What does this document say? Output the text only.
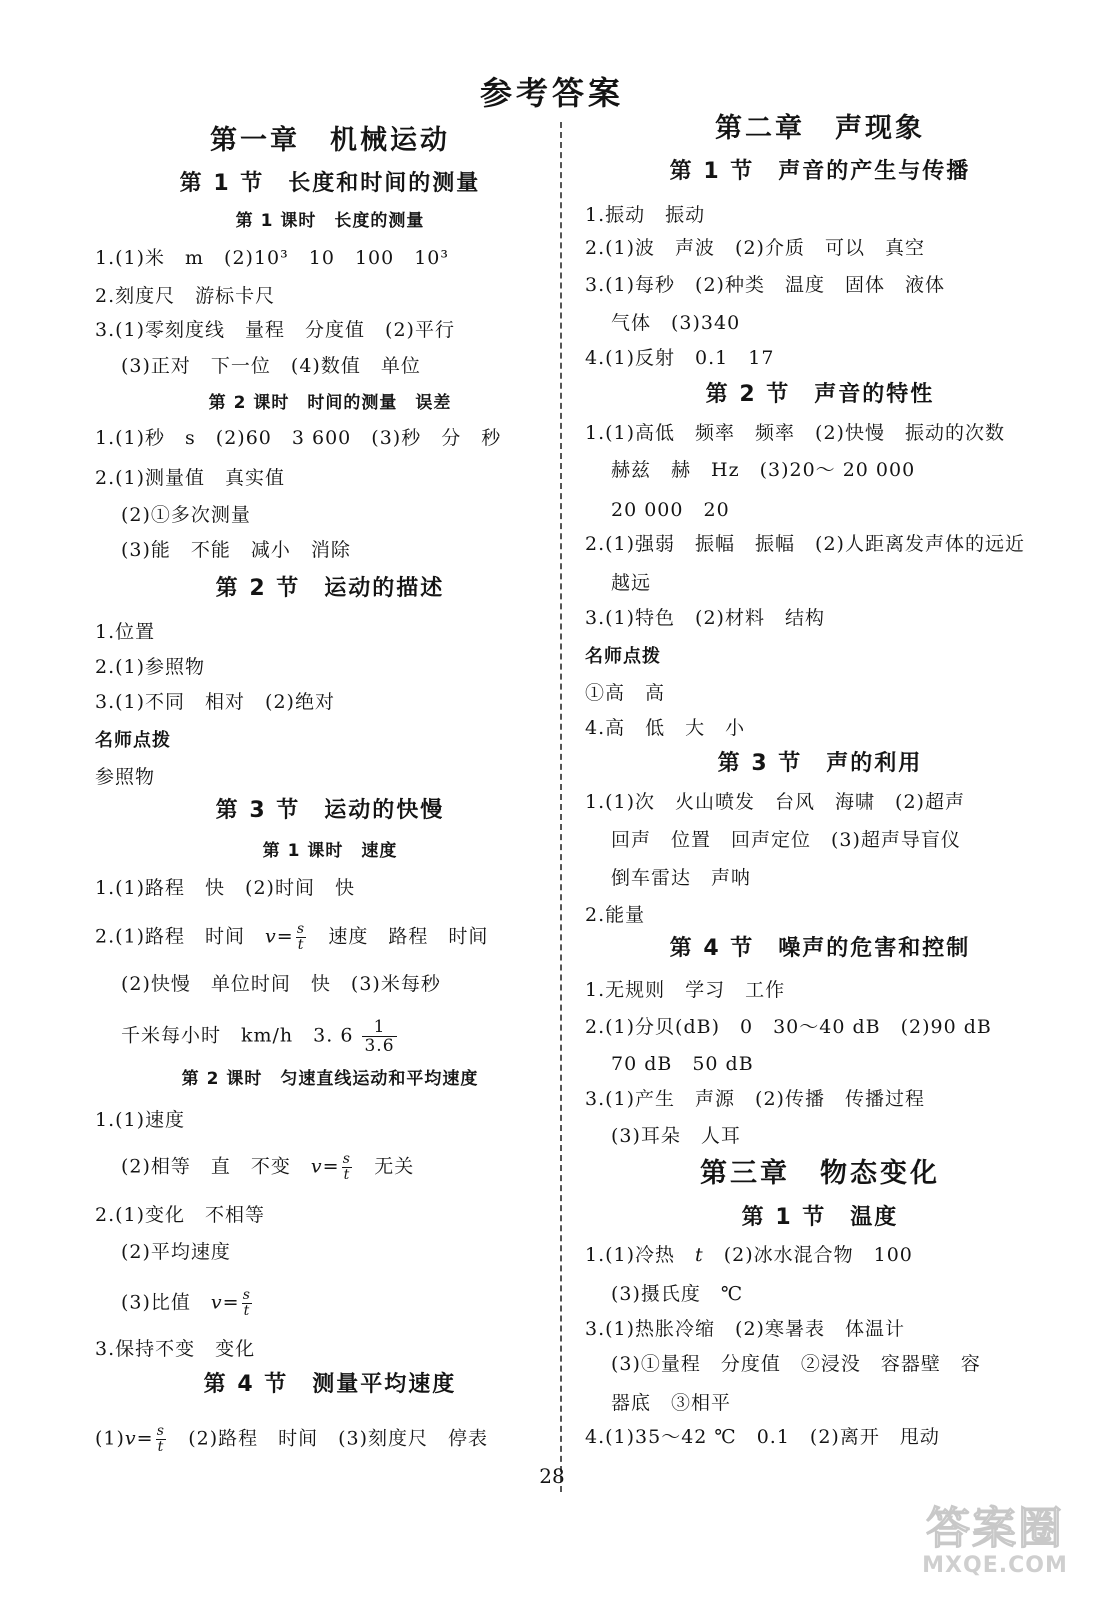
参考答案
第一章　机械运动
第 1 节　长度和时间的测量
第 1 课时　长度的测量
1.(1)米　m　(2)10³　10　100　10³
2.刻度尺　游标卡尺
3.(1)零刻度线　量程　分度值　(2)平行
(3)正对　下一位　(4)数值　单位
第 2 课时　时间的测量　误差
1.(1)秒　s　(2)60　3 600　(3)秒　分　秒
2.(1)测量值　真实值
(2)①多次测量
(3)能　不能　减小　消除
第 2 节　运动的描述
1.位置
2.(1)参照物
3.(1)不同　相对　(2)绝对
名师点拨
参照物
第 3 节　运动的快慢
第 1 课时　速度
1.(1)路程　快　(2)时间　快
2.(1)路程　时间　$v= \frac{s}{t}$ 　速度　路程　时间
(2)快慢　单位时间　快　(3)米每秒
千米每小时　km/h　3. $6 \frac{1}{3.6}$
第 2 课时　匀速直线运动和平均速度
1.(1)速度
(2)相等　直　不变　$v= \frac{s}{t}$ 　无关
2.(1)变化　不相等
(2)平均速度
(3)比值　$v= \frac{s}{t}$
3.保持不变　变化
第 4 节　测量平均速度
$(1)v= \frac{s}{t}$ 　(2)路程　时间　(3)刻度尺　停表
第二章　声现象
第 1 节　声音的产生与传播
1.振动　振动
2.(1)波　声波　(2)介质　可以　真空
3.(1)每秒　(2)种类　温度　固体　液体
气体　(3)340
4.(1)反射　0.1　17
第 2 节　声音的特性
1.(1)高低　频率　频率　(2)快慢　振动的次数
赫兹　赫　Hz　(3)20～ 20 000
20 000　20
2.(1)强弱　振幅　振幅　(2)人距离发声体的远近
越远
3.(1)特色　(2)材料　结构
名师点拨
①高　高
4.高　低　大　小
第 3 节　声的利用
1.(1)次　火山喷发　台风　海啸　(2)超声
回声　位置　回声定位　(3)超声导盲仪
倒车雷达　声呐
2.能量
第 4 节　噪声的危害和控制
1.无规则　学习　工作
2.(1)分贝(dB)　0　30～40 dB　(2)90 dB
70 dB　50 dB
3.(1)产生　声源　(2)传播　传播过程
(3)耳朵　人耳
第三章　物态变化
第 1 节　温度
1.(1)冷热　t　(2)冰水混合物　100
(3)摄氏度　℃
3.(1)热胀冷缩　(2)寒暑表　体温计
(3)①量程　分度值　②浸没　容器壁　容
器底　③相平
4.(1)35～42 ℃　0.1　(2)离开　甩动
28
答案圈
MXQE.COM
